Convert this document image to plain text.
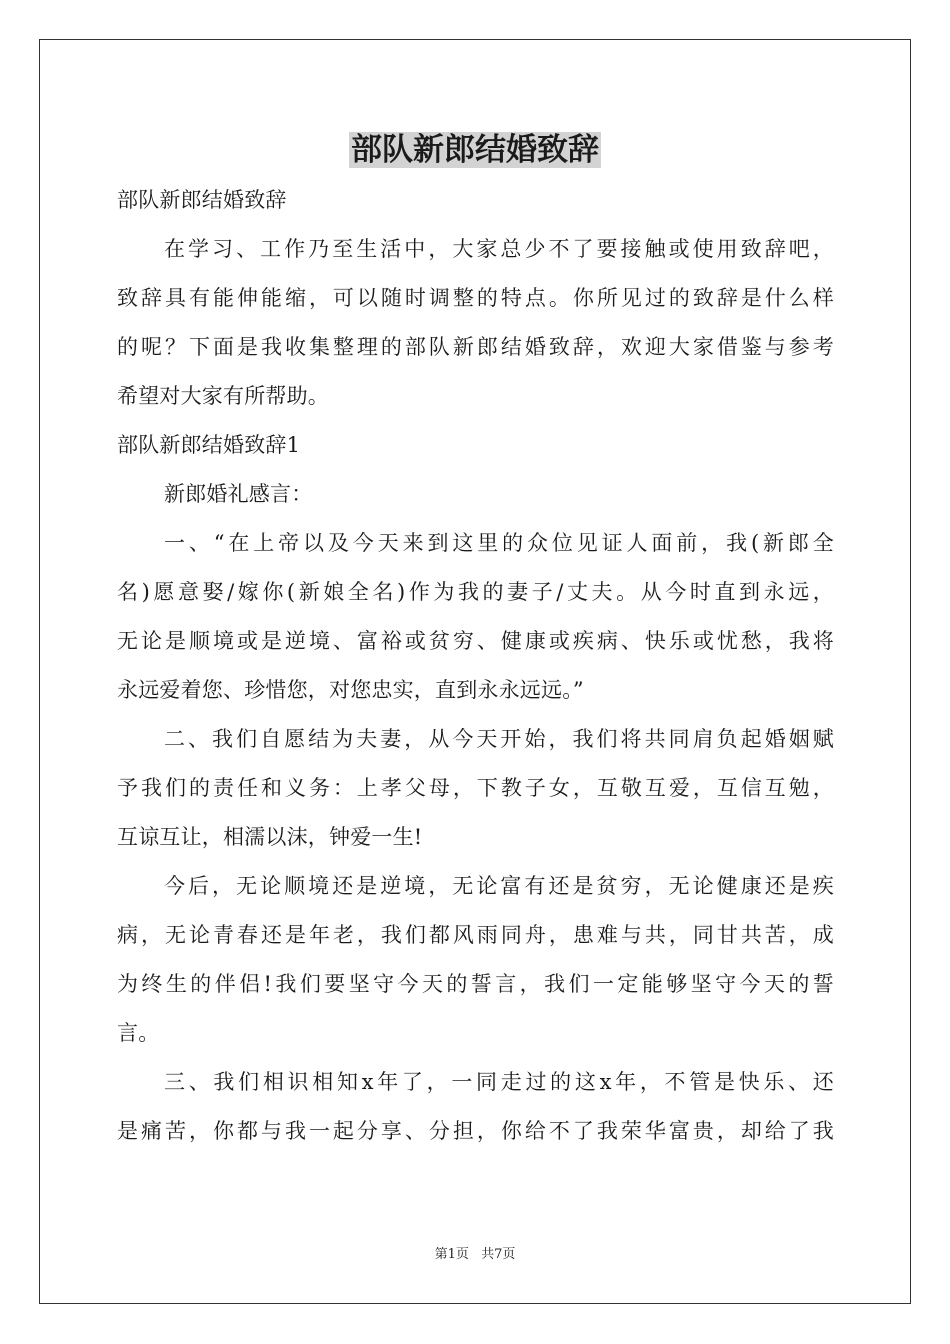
部队新郎结婚致辞
部队新郎结婚致辞
在学习、工作乃至生活中，大家总少不了要接触或使用致辞吧，
致辞具有能伸能缩，可以随时调整的特点。你所见过的致辞是什么样
的呢？下面是我收集整理的部队新郎结婚致辞，欢迎大家借鉴与参考
希望对大家有所帮助。
部队新郎结婚致辞1
新郎婚礼感言：
一、“在上帝以及今天来到这里的众位见证人面前，我(新郎全
名)愿意娶/嫁你(新娘全名)作为我的妻子/丈夫。从今时直到永远，
无论是顺境或是逆境、富裕或贫穷、健康或疾病、快乐或忧愁，我将
永远爱着您、珍惜您，对您忠实，直到永永远远。”
二、我们自愿结为夫妻，从今天开始，我们将共同肩负起婚姻赋
予我们的责任和义务：上孝父母，下教子女，互敬互爱，互信互勉，
互谅互让，相濡以沫，钟爱一生!
今后，无论顺境还是逆境，无论富有还是贫穷，无论健康还是疾
病，无论青春还是年老，我们都风雨同舟，患难与共，同甘共苦，成
为终生的伴侣!我们要坚守今天的誓言，我们一定能够坚守今天的誓
言。
三、我们相识相知x年了，一同走过的这x年，不管是快乐、还
是痛苦，你都与我一起分享、分担，你给不了我荣华富贵，却给了我
第1页 共7页
